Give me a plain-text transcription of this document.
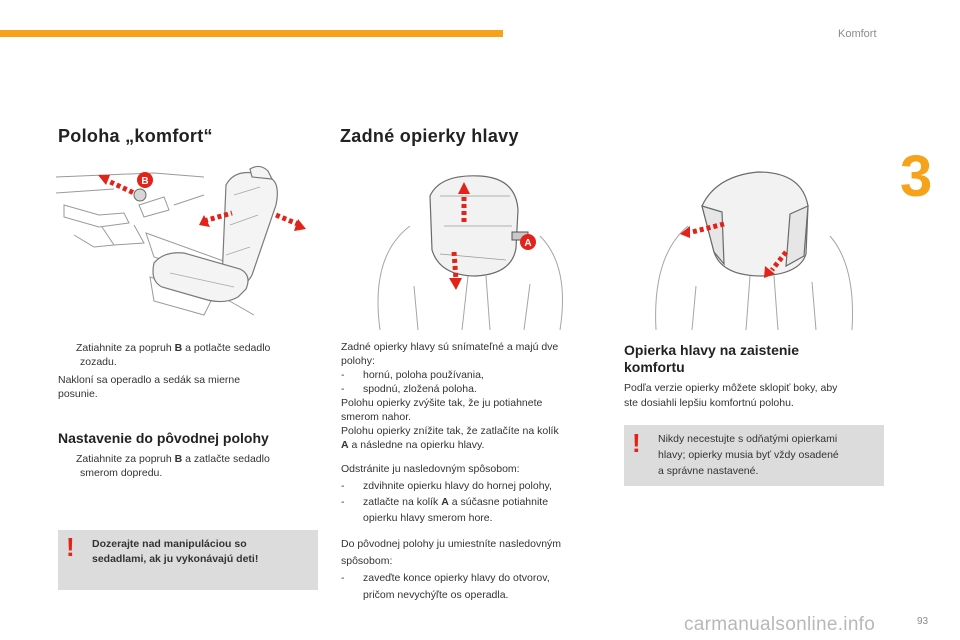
Komfort
3
Poloha „komfort“
B
Zatiahnite za popruh B a potlačte sedadlo
zozadu.
Nakloní sa operadlo a sedák sa mierne
posunie.
Nastavenie do pôvodnej polohy
Zatiahnite za popruh B a zatlačte sedadlo
smerom dopredu.
! Dozerajte nad manipuláciou so
sedadlami, ak ju vykonávajú deti!
Zadné opierky hlavy
A
Zadné opierky hlavy sú snímateľné a majú dve
polohy:
-	hornú, poloha používania,
-	spodnú, zložená poloha.
Polohu opierky zvýšite tak, že ju potiahnete
smerom nahor.
Polohu opierky znížite tak, že zatlačíte na kolík
A a následne na opierku hlavy.
Odstránite ju nasledovným spôsobom:
-	zdvihnite opierku hlavy do hornej polohy,
-	zatlačte na kolík A a súčasne potiahnite
opierku hlavy smerom hore.
Do pôvodnej polohy ju umiestníte nasledovným
spôsobom:
-	zaveďte konce opierky hlavy do otvorov,
pričom nevychýľte os operadla.
Opierka hlavy na zaistenie
komfortu
Podľa verzie opierky môžete sklopiť boky, aby
ste dosiahli lepšiu komfortnú polohu.
! Nikdy necestujte s odňatými opierkami
hlavy; opierky musia byť vždy osadené
a správne nastavené.
carmanualsonline.info	93
